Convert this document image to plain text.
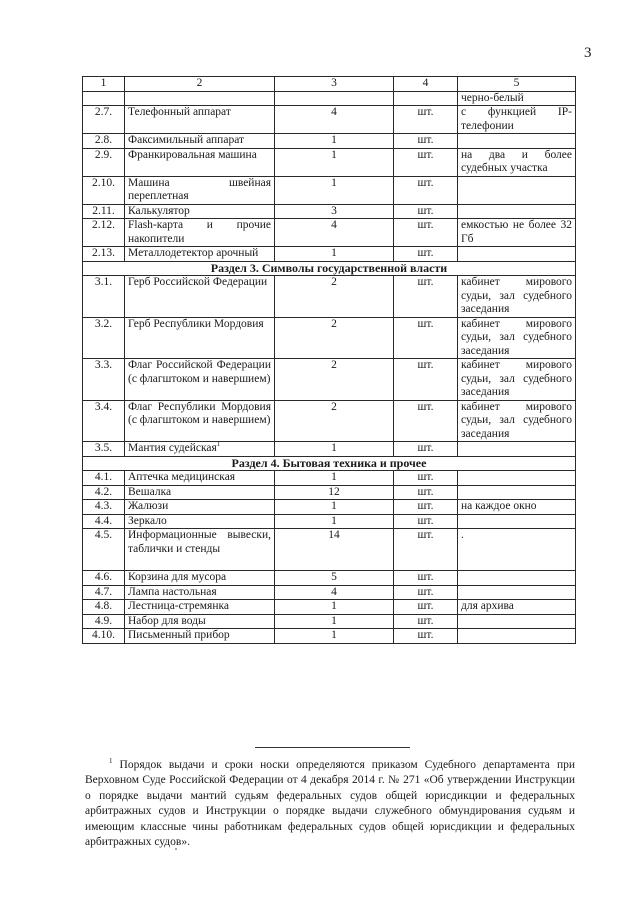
3
1	2	3	4	5
				черно-белый
2.7.	Телефонный аппарат	4	шт.	с функцией IP-телефонии
2.8.	Факсимильный аппарат	1	шт.	
2.9.	Франкировальная машина	1	шт.	на два и более судебных участка
2.10.	Машина швейная переплетная	1	шт.	
2.11.	Калькулятор	3	шт.	
2.12.	Flash-карта и прочие накопители	4	шт.	емкостью не более 32 Гб
2.13.	Металлодетектор арочный	1	шт.	
Раздел 3. Символы государственной власти				
3.1.	Герб Российской Федерации	2	шт.	кабинет мирового судьи, зал судебного заседания
3.2.	Герб Республики Мордовия	2	шт.	кабинет мирового судьи, зал судебного заседания
3.3.	Флаг Российской Федерации (с флагштоком и навершием)	2	шт.	кабинет мирового судьи, зал судебного заседания
3.4.	Флаг Республики Мордовия (с флагштоком и навершием)	2	шт.	кабинет мирового судьи, зал судебного заседания
3.5.	Мантия судейская$^1$	1	шт.	
Раздел 4. Бытовая техника и прочее				
4.1.	Аптечка медицинская	1	шт.	
4.2.	Вешалка	12	шт.	
4.3.	Жалюзи	1	шт.	на каждое окно
4.4.	Зеркало	1	шт.	
4.5.	Информационные вывески, таблички и стенды	14	шт.	.
4.6.	Корзина для мусора	5	шт.	
4.7.	Лампа настольная	4	шт.	
4.8.	Лестница-стремянка	1	шт.	для архива
4.9.	Набор для воды	1	шт.	
4.10.	Письменный прибор	1	шт.	
$^1$ Порядок выдачи и сроки носки определяются приказом Судебного департамента при Верховном Суде Российской Федерации от 4 декабря 2014 г. № 271 «Об утверждении Инструкции о порядке выдачи мантий судьям федеральных судов общей юрисдикции и федеральных арбитражных судов и Инструкции о порядке выдачи служебного обмундирования судьям и имеющим классные чины работникам федеральных судов общей юрисдикции и федеральных арбитражных судов».
